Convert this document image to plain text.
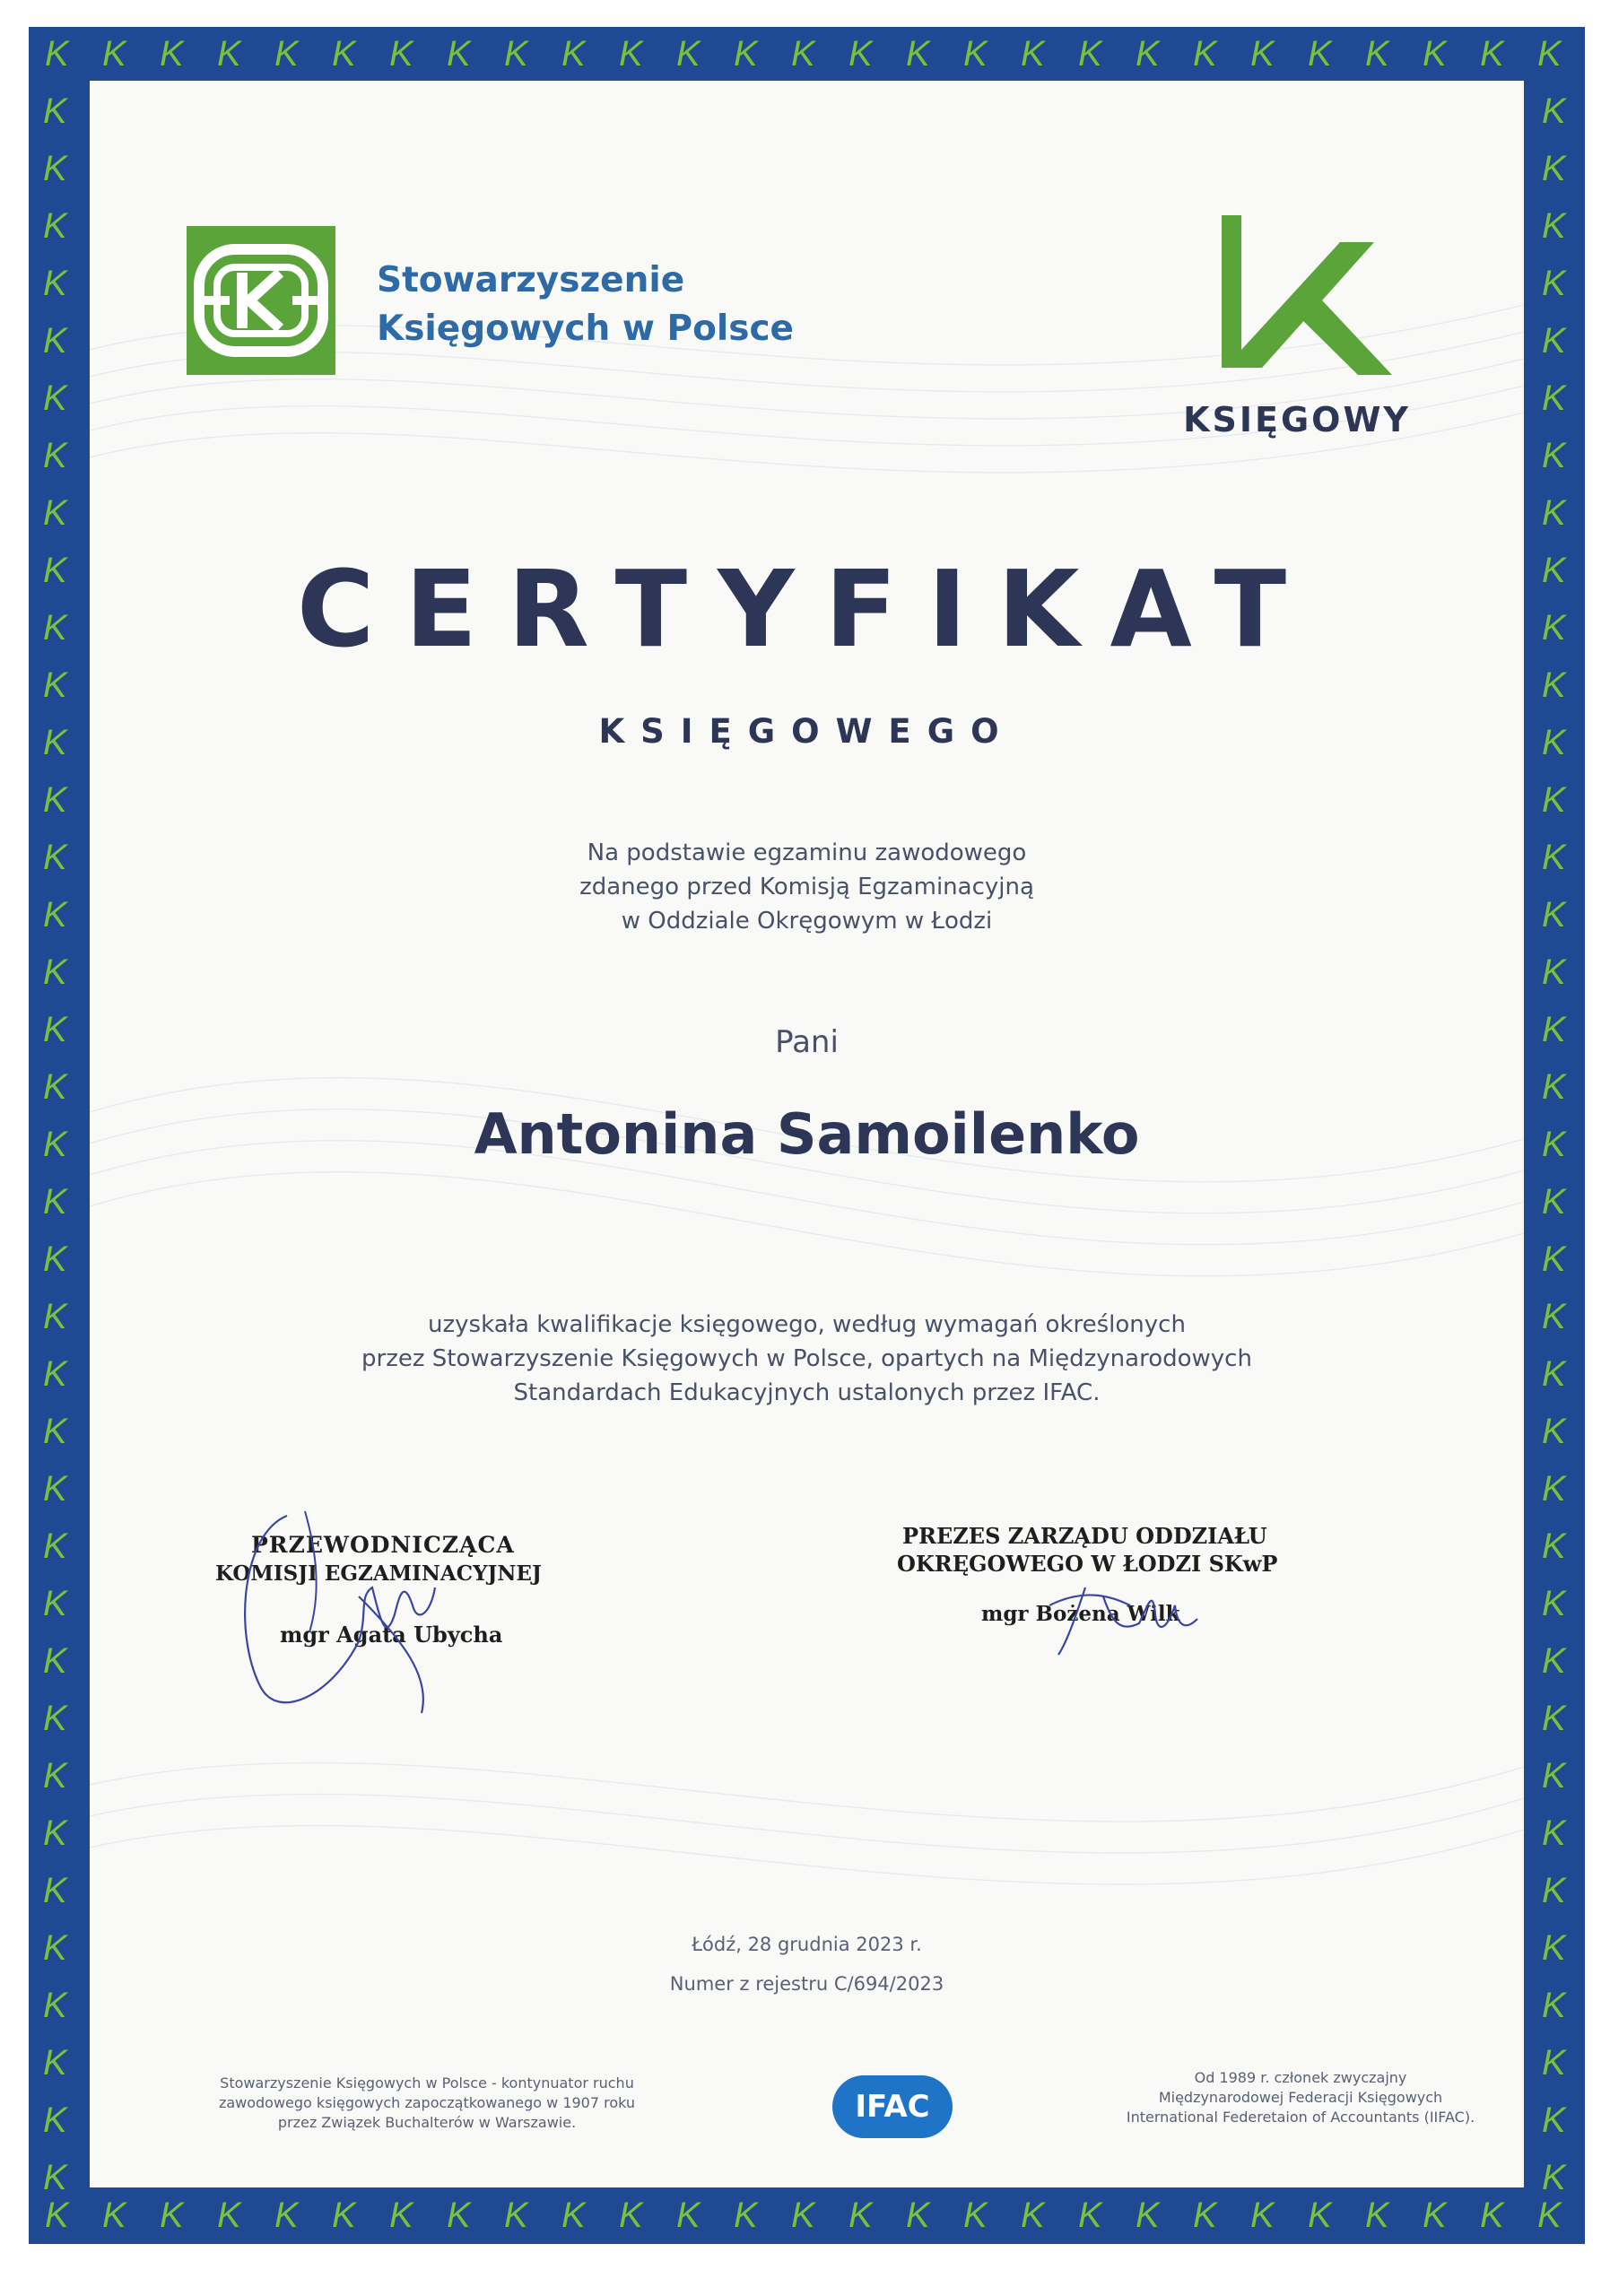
K
K
K
K
K
K
K
K
K
K
K
K
K
K
K
K
K
K
K
K
K
K
K
K
K
K
K
K
K
K
K
K
K
K
K
K
K
K
K
K
K
K
K
K
K
K
K
K
K
K
K
K
K
K
K	K
K	K
K	K
K	K
K	K
K	K
K	K
K	K
K	K
K	K
K	K
K	K
K	K
K	K
K	K
K	K
K	K
K	K
K	K
K	K
K	K
K	K
K	K
K	K
K	K
K	K
K	K
K	K
K	K
K	K
K	K
K	K
K	K
K	K
K	K
K	K
K	K
Stowarzyszenie
Księgowych w Polsce
KSIĘGOWY
CERTYFIKAT
KSIĘGOWEGO
Na podstawie egzaminu zawodowego
zdanego przed Komisją Egzaminacyjną
w Oddziale Okręgowym w Łodzi
Pani
Antonina Samoilenko
uzyskała kwalifikacje księgowego, według wymagań określonych
przez Stowarzyszenie Księgowych w Polsce, opartych na Międzynarodowych
Standardach Edukacyjnych ustalonych przez IFAC.
PRZEWODNICZĄCA
KOMISJI EGZAMINACYJNEJ
mgr Agata Ubycha
PREZES ZARZĄDU ODDZIAŁU
OKRĘGOWEGO W ŁODZI SKwP
mgr Bożena Wilk
Łódź, 28 grudnia 2023 r.
Numer z rejestru C/694/2023
Stowarzyszenie Księgowych w Polsce - kontynuator ruchu
zawodowego księgowych zapoczątkowanego w 1907 roku
przez Związek Buchalterów w Warszawie.	IFAC
Od 1989 r. członek zwyczajny
Międzynarodowej Federacji Księgowych
International Federetaion of Accountants (IIFAC).
